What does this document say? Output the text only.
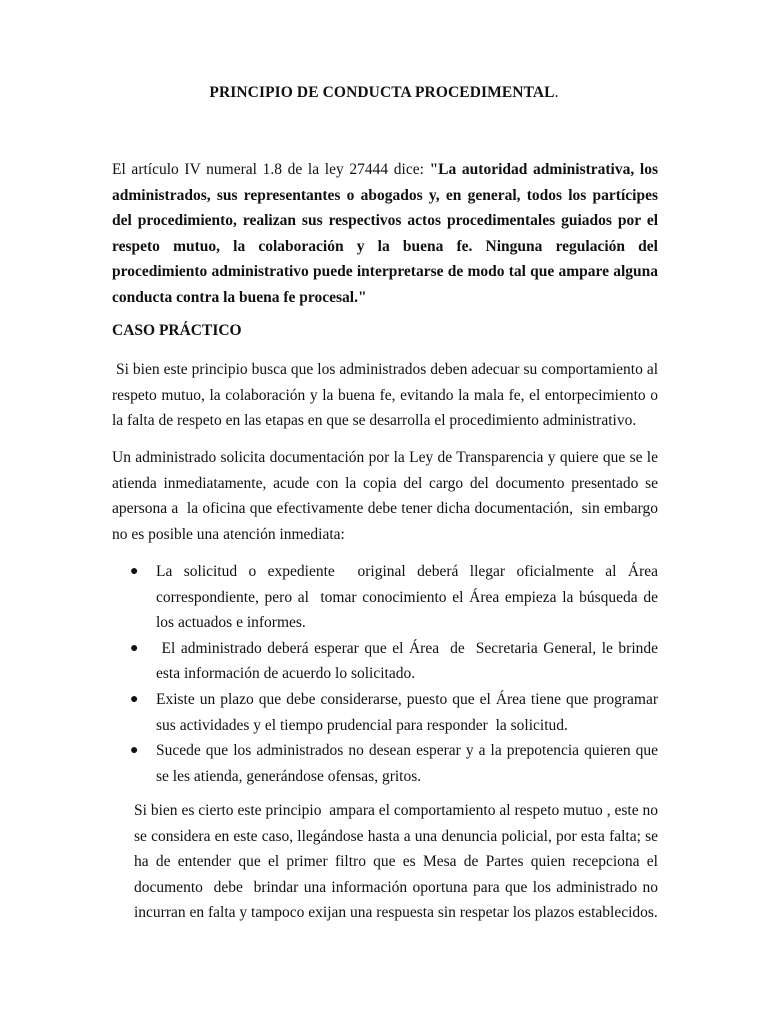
PRINCIPIO DE CONDUCTA PROCEDIMENTAL.
El artículo IV numeral 1.8 de la ley 27444 dice: "La autoridad administrativa, los administrados, sus representantes o abogados y, en general, todos los partícipes del procedimiento, realizan sus respectivos actos procedimentales guiados por el respeto mutuo, la colaboración y la buena fe. Ninguna regulación del procedimiento administrativo puede interpretarse de modo tal que ampare alguna conducta contra la buena fe procesal."
CASO PRÁCTICO
Si bien este principio busca que los administrados deben adecuar su comportamiento al respeto mutuo, la colaboración y la buena fe, evitando la mala fe, el entorpecimiento o la falta de respeto en las etapas en que se desarrolla el procedimiento administrativo.
Un administrado solicita documentación por la Ley de Transparencia y quiere que se le atienda inmediatamente, acude con la copia del cargo del documento presentado se apersona a  la oficina que efectivamente debe tener dicha documentación,  sin embargo no es posible una atención inmediata:
● La solicitud o expediente  original deberá llegar oficialmente al Área correspondiente, pero al  tomar conocimiento el Área empieza la búsqueda de los actuados e informes.
● El administrado deberá esperar que el Área  de  Secretaria General, le brinde esta información de acuerdo lo solicitado.
● Existe un plazo que debe considerarse, puesto que el Área tiene que programar sus actividades y el tiempo prudencial para responder  la solicitud.
● Sucede que los administrados no desean esperar y a la prepotencia quieren que se les atienda, generándose ofensas, gritos.
Si bien es cierto este principio  ampara el comportamiento al respeto mutuo , este no se considera en este caso, llegándose hasta a una denuncia policial, por esta falta; se ha de entender que el primer filtro que es Mesa de Partes quien recepciona el documento  debe  brindar una información oportuna para que los administrado no incurran en falta y tampoco exijan una respuesta sin respetar los plazos establecidos.
